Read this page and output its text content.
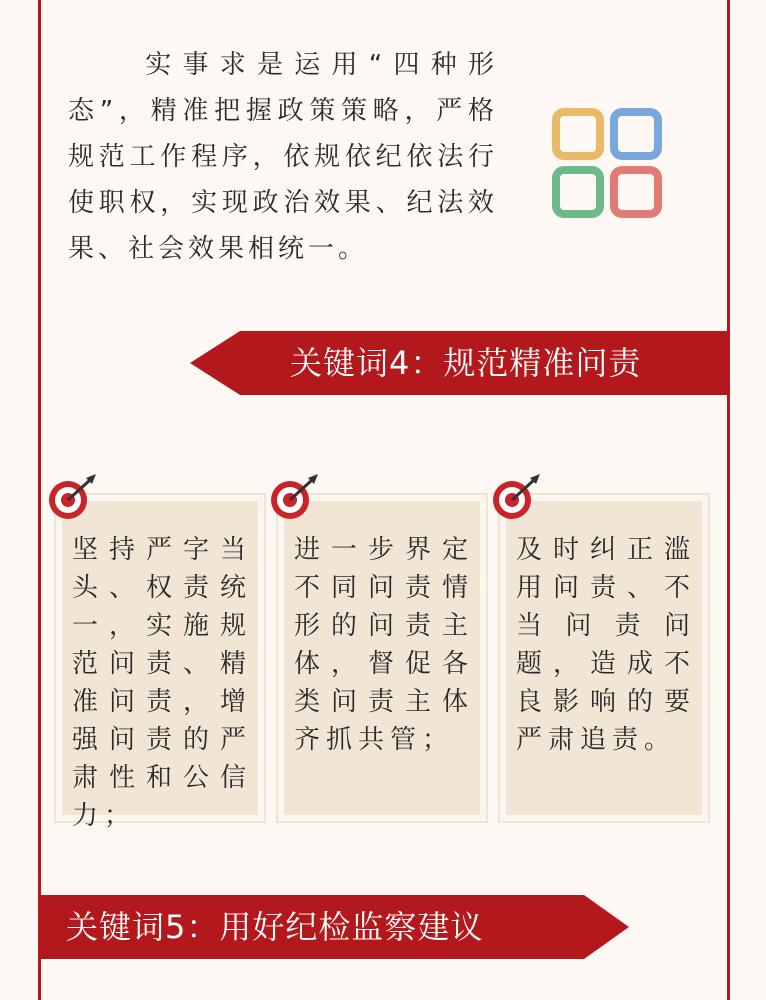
实事求是运用“四种形态”，精准把握政策策略，严格规范工作程序，依规依纪依法行使职权，实现政治效果、纪法效果、社会效果相统一。

关键词4：规范精准问责

坚持严字当头、权责统一，实施规范问责、精准问责，增强问责的严肃性和公信力；

进一步界定不同问责情形的问责主体，督促各类问责主体齐抓共管；

及时纠正滥用问责、不当问责问题，造成不良影响的要严肃追责。

关键词5：用好纪检监察建议
